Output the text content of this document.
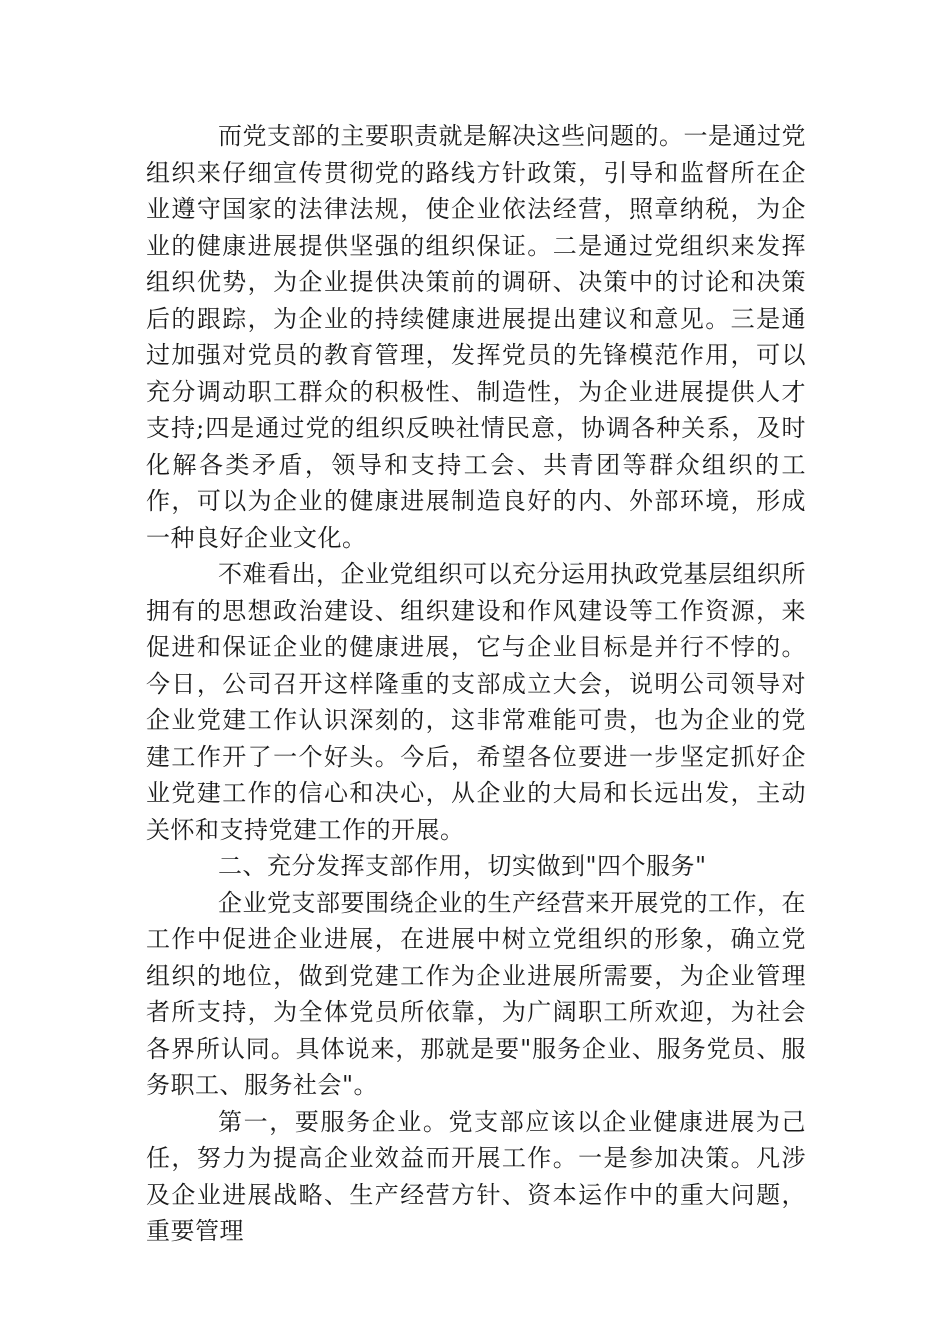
而党支部的主要职责就是解决这些问题的。一是通过党组织来仔细宣传贯彻党的路线方针政策，引导和监督所在企业遵守国家的法律法规，使企业依法经营，照章纳税，为企业的健康进展提供坚强的组织保证。二是通过党组织来发挥组织优势，为企业提供决策前的调研、决策中的讨论和决策后的跟踪，为企业的持续健康进展提出建议和意见。三是通过加强对党员的教育管理，发挥党员的先锋模范作用，可以充分调动职工群众的积极性、制造性，为企业进展提供人才支持;四是通过党的组织反映社情民意，协调各种关系，及时化解各类矛盾，领导和支持工会、共青团等群众组织的工作，可以为企业的健康进展制造良好的内、外部环境，形成一种良好企业文化。

不难看出，企业党组织可以充分运用执政党基层组织所拥有的思想政治建设、组织建设和作风建设等工作资源，来促进和保证企业的健康进展，它与企业目标是并行不悖的。今日，公司召开这样隆重的支部成立大会，说明公司领导对企业党建工作认识深刻的，这非常难能可贵，也为企业的党建工作开了一个好头。今后，希望各位要进一步坚定抓好企业党建工作的信心和决心，从企业的大局和长远出发，主动关怀和支持党建工作的开展。

二、充分发挥支部作用，切实做到"四个服务"

企业党支部要围绕企业的生产经营来开展党的工作，在工作中促进企业进展，在进展中树立党组织的形象，确立党组织的地位，做到党建工作为企业进展所需要，为企业管理者所支持，为全体党员所依靠，为广阔职工所欢迎，为社会各界所认同。具体说来，那就是要"服务企业、服务党员、服务职工、服务社会"。

第一，要服务企业。党支部应该以企业健康进展为己任，努力为提高企业效益而开展工作。一是参加决策。凡涉及企业进展战略、生产经营方针、资本运作中的重大问题，重要管理
